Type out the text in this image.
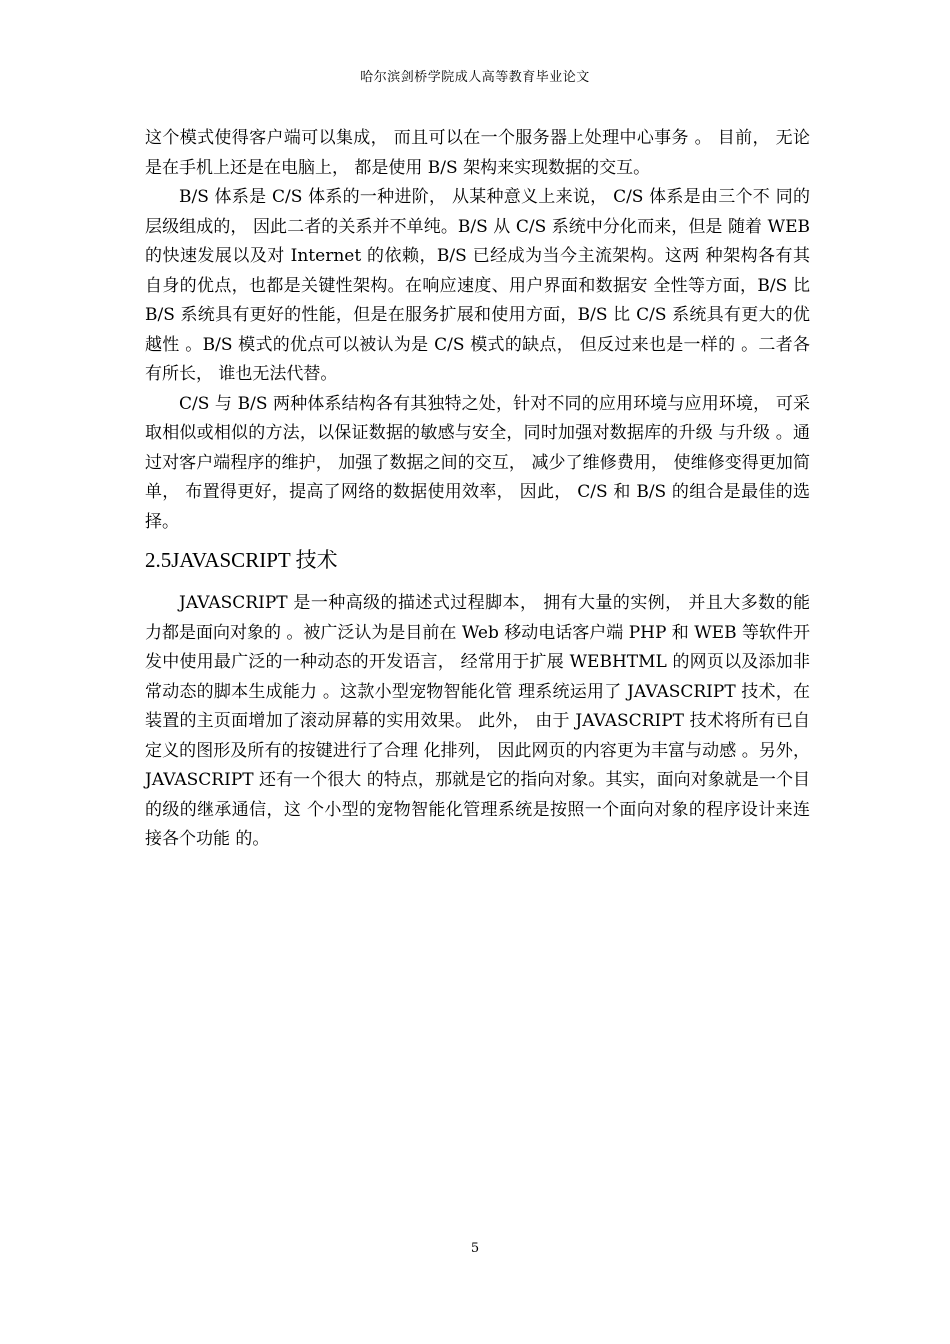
哈尔滨剑桥学院成人高等教育毕业论文

这个模式使得客户端可以集成， 而且可以在一个服务器上处理中心事务 。 目前， 无论是在手机上还是在电脑上， 都是使用 B/S 架构来实现数据的交互。

B/S 体系是 C/S 体系的一种进阶， 从某种意义上来说， C/S 体系是由三个不 同的层级组成的， 因此二者的关系并不单纯。B/S 从 C/S 系统中分化而来，但是 随着 WEB 的快速发展以及对 Internet 的依赖，B/S 已经成为当今主流架构。这两 种架构各有其自身的优点，也都是关键性架构。在响应速度、用户界面和数据安 全性等方面，B/S 比 B/S 系统具有更好的性能，但是在服务扩展和使用方面，B/S 比 C/S 系统具有更大的优越性 。B/S 模式的优点可以被认为是 C/S 模式的缺点， 但反过来也是一样的 。二者各有所长， 谁也无法代替。

C/S 与 B/S 两种体系结构各有其独特之处，针对不同的应用环境与应用环境， 可采取相似或相似的方法，以保证数据的敏感与安全，同时加强对数据库的升级 与升级 。通过对客户端程序的维护， 加强了数据之间的交互， 减少了维修费用， 使维修变得更加简单， 布置得更好，提高了网络的数据使用效率， 因此， C/S 和 B/S 的组合是最佳的选择。

2.5JAVASCRIPT 技术

JAVASCRIPT 是一种高级的描述式过程脚本， 拥有大量的实例， 并且大多数的能力都是面向对象的 。被广泛认为是目前在 Web 移动电话客户端 PHP 和 WEB 等软件开发中使用最广泛的一种动态的开发语言， 经常用于扩展 WEBHTML 的网页以及添加非常动态的脚本生成能力 。这款小型宠物智能化管 理系统运用了 JAVASCRIPT 技术，在装置的主页面增加了滚动屏幕的实用效果。 此外， 由于 JAVASCRIPT 技术将所有已自定义的图形及所有的按键进行了合理 化排列， 因此网页的内容更为丰富与动感 。另外，JAVASCRIPT 还有一个很大 的特点，那就是它的指向对象。其实，面向对象就是一个目的级的继承通信，这 个小型的宠物智能化管理系统是按照一个面向对象的程序设计来连接各个功能 的。

5
